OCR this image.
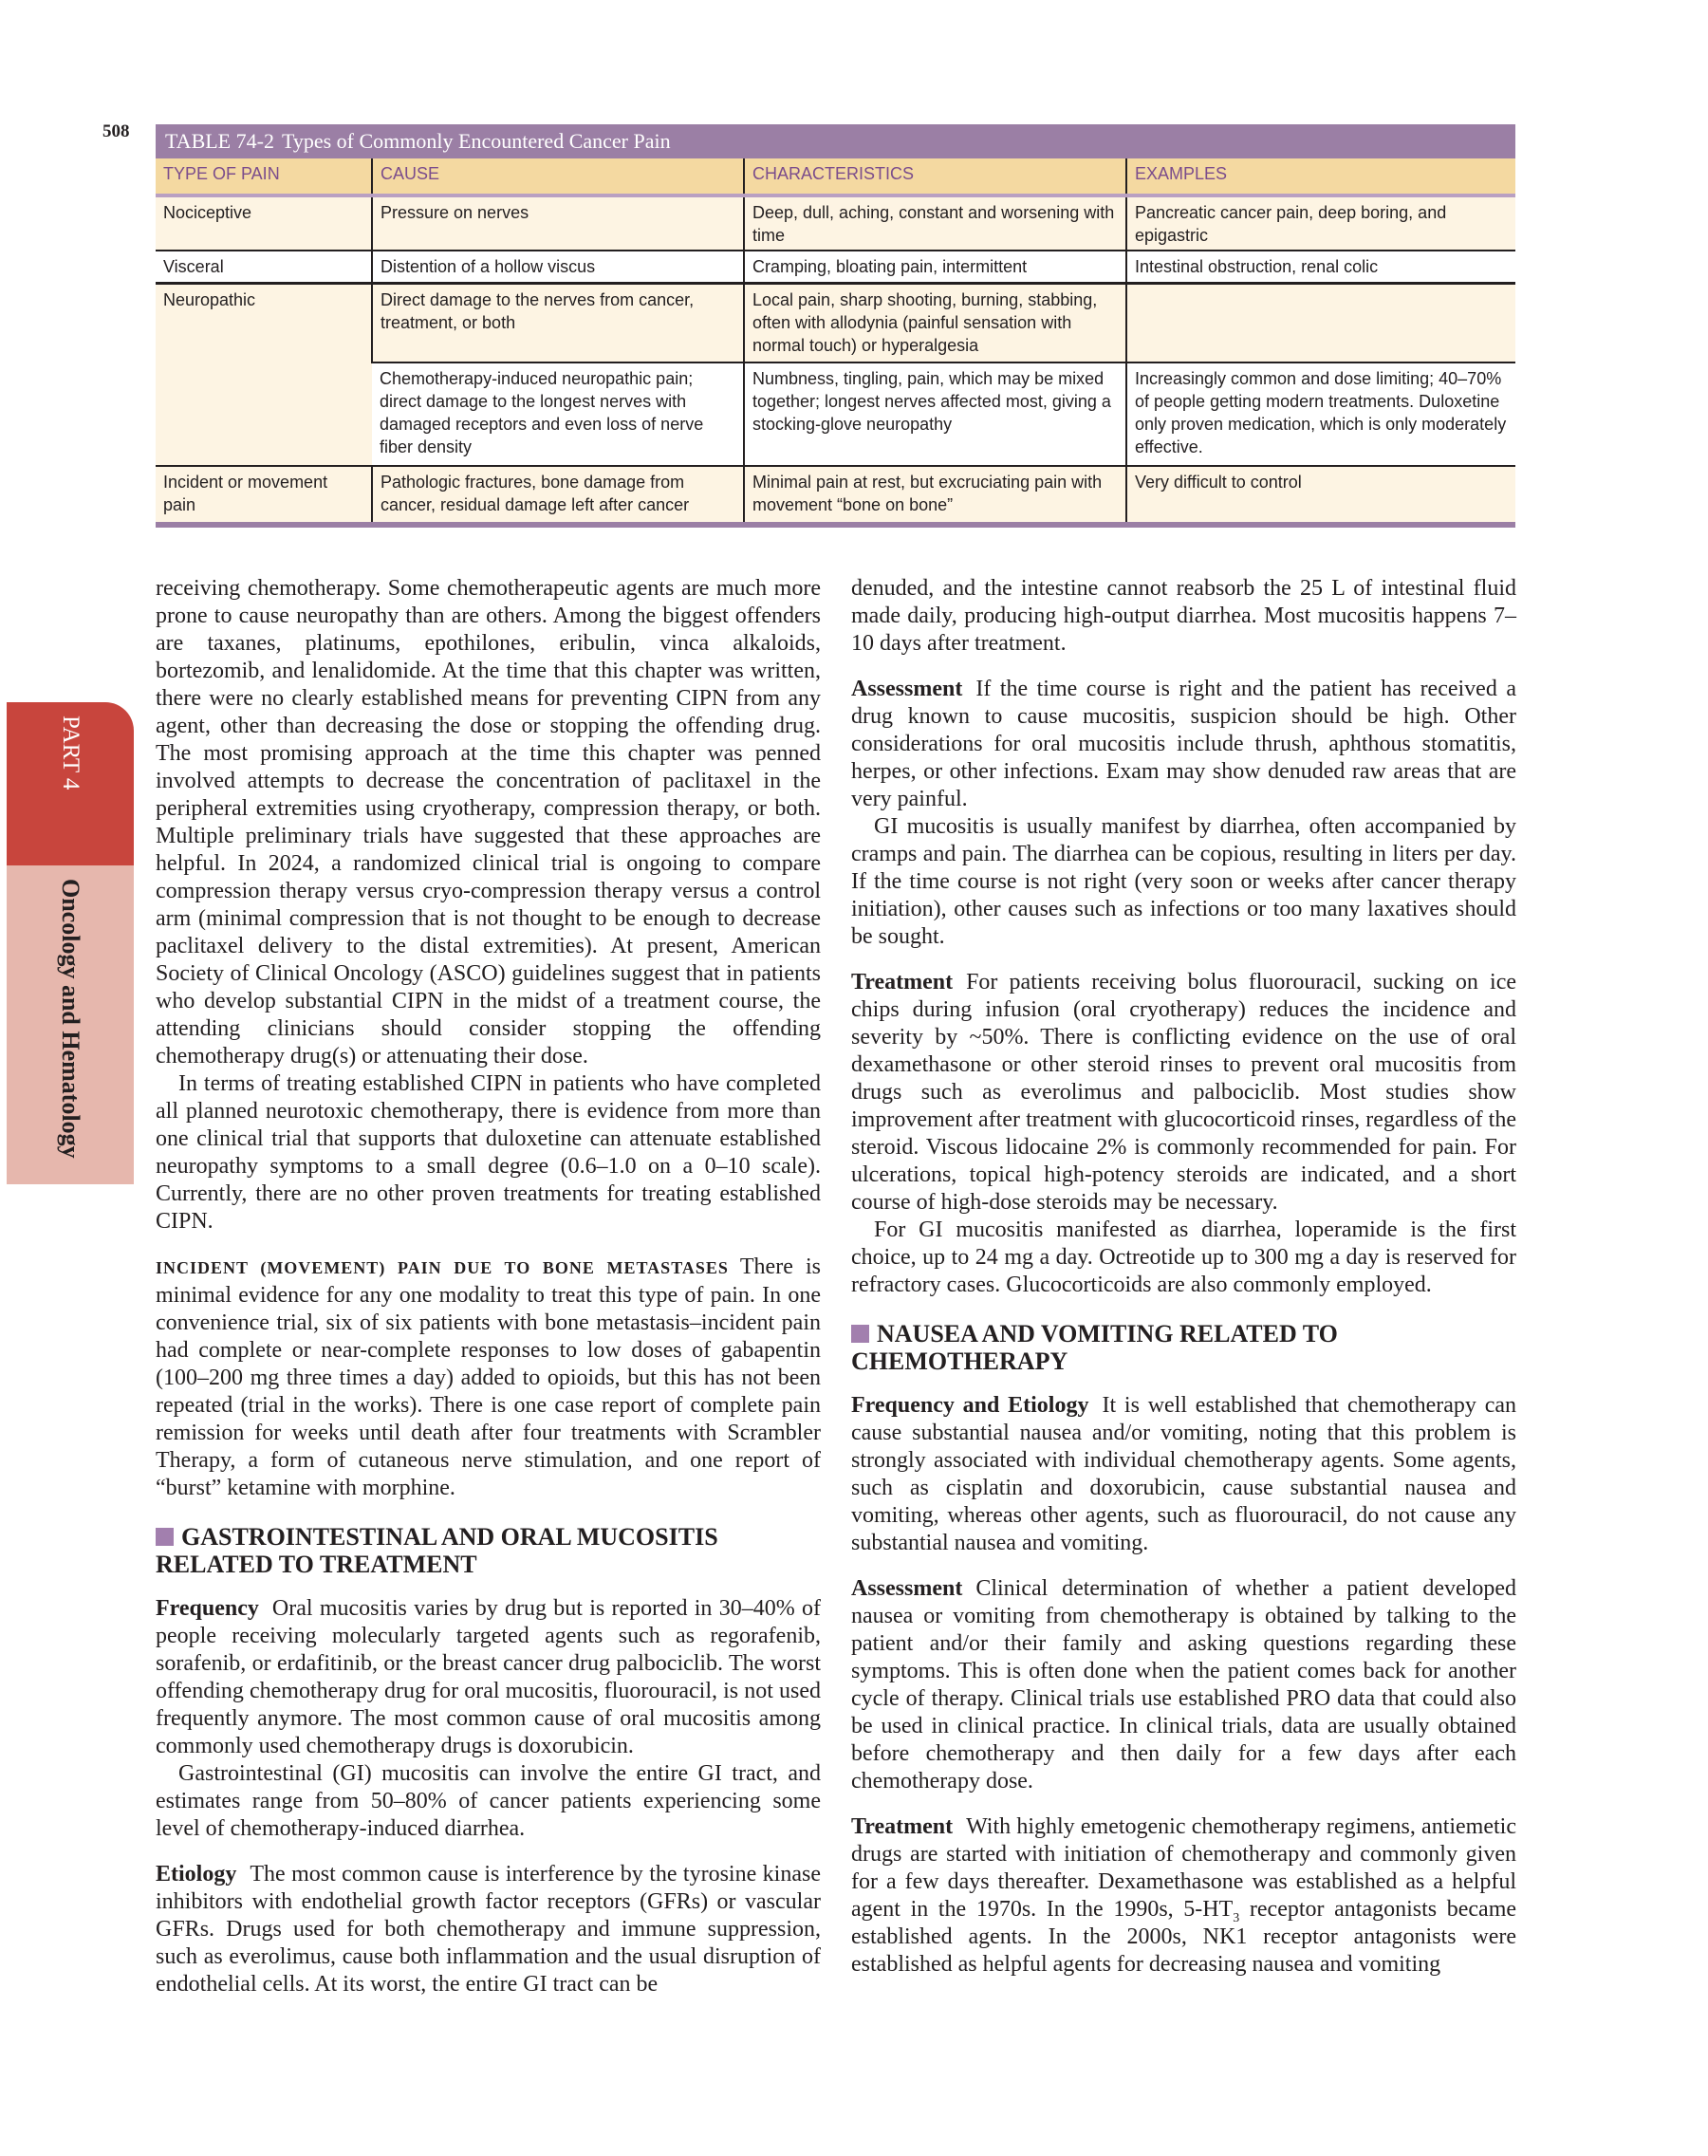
508	TABLE 74-2 Types of Commonly Encountered Cancer Pain
TYPE OF PAIN	CAUSE	CHARACTERISTICS	EXAMPLES
Nociceptive	Pressure on nerves	Deep, dull, aching, constant and worsening with time	Pancreatic cancer pain, deep boring, and epigastric
Visceral	Distention of a hollow viscus	Cramping, bloating pain, intermittent	Intestinal obstruction, renal colic
Neuropathic	Direct damage to the nerves from cancer, treatment, or both	Local pain, sharp shooting, burning, stabbing, often with allodynia (painful sensation with normal touch) or hyperalgesia	
	Chemotherapy-induced neuropathic pain; direct damage to the longest nerves with damaged receptors and even loss of nerve fiber density	Numbness, tingling, pain, which may be mixed together; longest nerves affected most, giving a stocking-glove neuropathy	Increasingly common and dose limiting; 40–70% of people getting modern treatments. Duloxetine only proven medication, which is only moderately effective.
Incident or movement pain	Pathologic fractures, bone damage from cancer, residual damage left after cancer	Minimal pain at rest, but excruciating pain with movement “bone on bone”	Very difficult to control
PART 4
Oncology and Hematology

receiving chemotherapy. Some chemotherapeutic agents are much more prone to cause neuropathy than are others. Among the biggest offenders are taxanes, platinums, epothilones, eribulin, vinca alkaloids, bortezomib, and lenalidomide. At the time that this chapter was written, there were no clearly established means for preventing CIPN from any agent, other than decreasing the dose or stopping the offending drug. The most promising approach at the time this chapter was penned involved attempts to decrease the concentration of paclitaxel in the peripheral extremities using cryotherapy, compression therapy, or both. Multiple preliminary trials have suggested that these approaches are helpful. In 2024, a randomized clinical trial is ongoing to compare compression therapy versus cryo-compression therapy versus a control arm (minimal compression that is not thought to be enough to decrease paclitaxel delivery to the distal extremities). At present, American Society of Clinical Oncology (ASCO) guidelines suggest that in patients who develop substantial CIPN in the midst of a treatment course, the attending clinicians should consider stopping the offending chemotherapy drug(s) or attenuating their dose.

In terms of treating established CIPN in patients who have completed all planned neurotoxic chemotherapy, there is evidence from more than one clinical trial that supports that duloxetine can attenuate established neuropathy symptoms to a small degree (0.6–1.0 on a 0–10 scale). Currently, there are no other proven treatments for treating established CIPN.

INCIDENT (MOVEMENT) PAIN DUE TO BONE METASTASES There is minimal evidence for any one modality to treat this type of pain. In one convenience trial, six of six patients with bone metastasis–incident pain had complete or near-complete responses to low doses of gabapentin (100–200 mg three times a day) added to opioids, but this has not been repeated (trial in the works). There is one case report of complete pain remission for weeks until death after four treatments with Scrambler Therapy, a form of cutaneous nerve stimulation, and one report of “burst” ketamine with morphine.

GASTROINTESTINAL AND ORAL MUCOSITIS RELATED TO TREATMENT

Frequency Oral mucositis varies by drug but is reported in 30–40% of people receiving molecularly targeted agents such as regorafenib, sorafenib, or erdafitinib, or the breast cancer drug palbociclib. The worst offending chemotherapy drug for oral mucositis, fluorouracil, is not used frequently anymore. The most common cause of oral mucositis among commonly used chemotherapy drugs is doxorubicin.

Gastrointestinal (GI) mucositis can involve the entire GI tract, and estimates range from 50–80% of cancer patients experiencing some level of chemotherapy-induced diarrhea.

Etiology The most common cause is interference by the tyrosine kinase inhibitors with endothelial growth factor receptors (GFRs) or vascular GFRs. Drugs used for both chemotherapy and immune suppression, such as everolimus, cause both inflammation and the usual disruption of endothelial cells. At its worst, the entire GI tract can be

denuded, and the intestine cannot reabsorb the 25 L of intestinal fluid made daily, producing high-output diarrhea. Most mucositis happens 7–10 days after treatment.

Assessment If the time course is right and the patient has received a drug known to cause mucositis, suspicion should be high. Other considerations for oral mucositis include thrush, aphthous stomatitis, herpes, or other infections. Exam may show denuded raw areas that are very painful.

GI mucositis is usually manifest by diarrhea, often accompanied by cramps and pain. The diarrhea can be copious, resulting in liters per day. If the time course is not right (very soon or weeks after cancer therapy initiation), other causes such as infections or too many laxatives should be sought.

Treatment For patients receiving bolus fluorouracil, sucking on ice chips during infusion (oral cryotherapy) reduces the incidence and severity by ~50%. There is conflicting evidence on the use of oral dexamethasone or other steroid rinses to prevent oral mucositis from drugs such as everolimus and palbociclib. Most studies show improvement after treatment with glucocorticoid rinses, regardless of the steroid. Viscous lidocaine 2% is commonly recommended for pain. For ulcerations, topical high-potency steroids are indicated, and a short course of high-dose steroids may be necessary.

For GI mucositis manifested as diarrhea, loperamide is the first choice, up to 24 mg a day. Octreotide up to 300 mg a day is reserved for refractory cases. Glucocorticoids are also commonly employed.

NAUSEA AND VOMITING RELATED TO CHEMOTHERAPY

Frequency and Etiology It is well established that chemotherapy can cause substantial nausea and/or vomiting, noting that this problem is strongly associated with individual chemotherapy agents. Some agents, such as cisplatin and doxorubicin, cause substantial nausea and vomiting, whereas other agents, such as fluorouracil, do not cause any substantial nausea and vomiting.

Assessment Clinical determination of whether a patient developed nausea or vomiting from chemotherapy is obtained by talking to the patient and/or their family and asking questions regarding these symptoms. This is often done when the patient comes back for another cycle of therapy. Clinical trials use established PRO data that could also be used in clinical practice. In clinical trials, data are usually obtained before chemotherapy and then daily for a few days after each chemotherapy dose.

Treatment With highly emetogenic chemotherapy regimens, antiemetic drugs are started with initiation of chemotherapy and commonly given for a few days thereafter. Dexamethasone was established as a helpful agent in the 1970s. In the 1990s, $5-HT_3$ receptor antagonists became established agents. In the 2000s, NK1 receptor antagonists were established as helpful agents for decreasing nausea and vomiting
